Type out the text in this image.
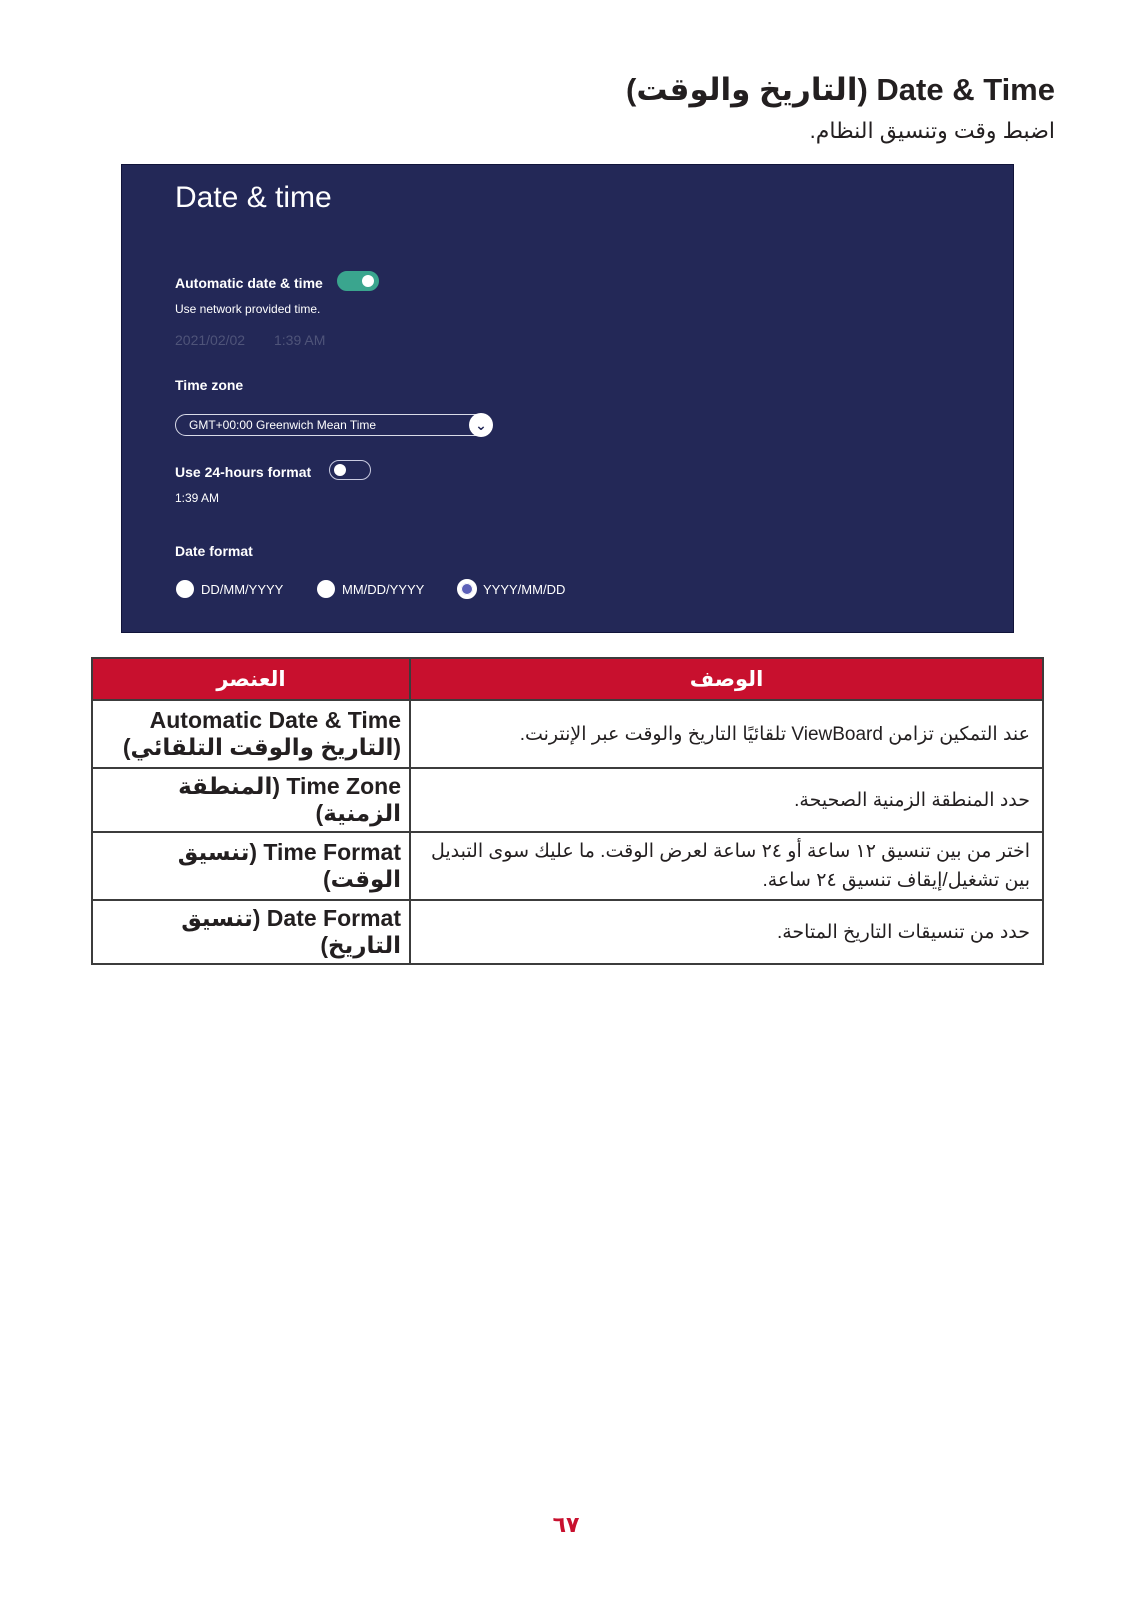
Date & Time (التاريخ والوقت)
اضبط وقت وتنسيق النظام.
Date & time
Automatic date & time
Use network provided time.
2021/02/02 1:39 AM
Time zone
GMT+00:00 Greenwich Mean Time	⌄
Use 24-hours format
1:39 AM
Date format
DD/MM/YYYY	MM/DD/YYYY	YYYY/MM/DD
العنصر	الوصف
Automatic Date & Time (التاريخ والوقت التلقائي)	عند التمكين تزامن ViewBoard تلقائيًا التاريخ والوقت عبر الإنترنت.
Time Zone (المنطقة الزمنية)	حدد المنطقة الزمنية الصحيحة.
Time Format (تنسيق الوقت)	اختر من بين تنسيق ١٢ ساعة أو ٢٤ ساعة لعرض الوقت. ما عليك سوى التبديل بين تشغيل/إيقاف تنسيق ٢٤ ساعة.
Date Format (تنسيق التاريخ)	حدد من تنسيقات التاريخ المتاحة.
٦٧
